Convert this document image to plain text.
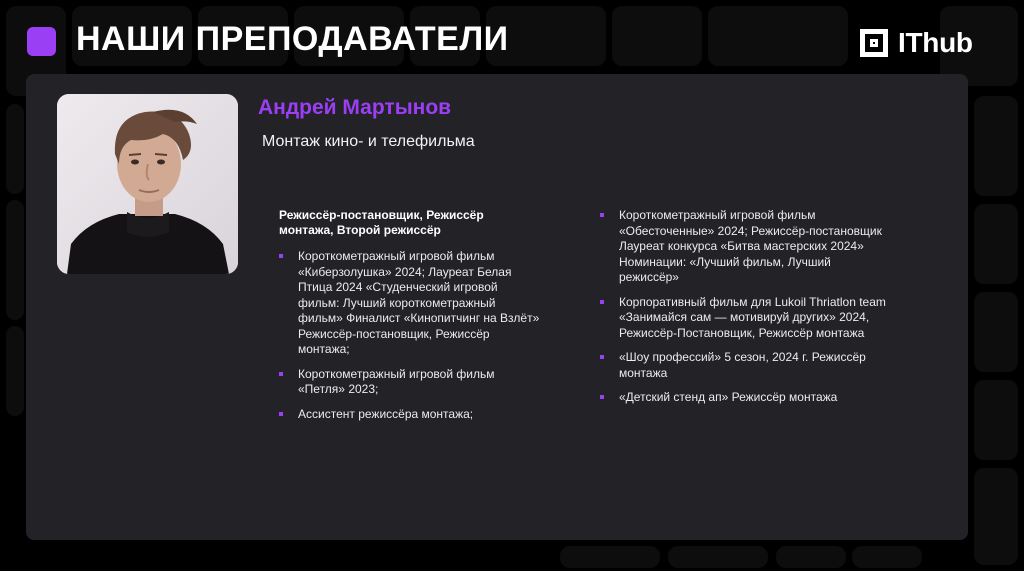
НАШИ ПРЕПОДАВАТЕЛИ	IThub
Андрей Мартынов
Монтаж кино- и телефильма
Режиссёр-постановщик, Режиссёр монтажа, Второй режиссёр
Короткометражный игровой фильм «Киберзолушка» 2024; Лауреат Белая Птица 2024 «Студенческий игровой фильм: Лучший короткометражный фильм» Финалист «Кинопитчинг на Взлёт» Режиссёр-постановщик, Режиссёр монтажа;
Короткометражный игровой фильм «Петля» 2023;
Ассистент режиссёра монтажа;
Короткометражный игровой фильм «Обесточенные» 2024; Режиссёр-постановщик Лауреат конкурса «Битва мастерских 2024» Номинации: «Лучший фильм, Лучший режиссёр»
Корпоративный фильм для Lukoil Thriatlon team «Занимайся сам — мотивируй других» 2024, Режиссёр-Постановщик, Режиссёр монтажа
«Шоу профессий» 5 сезон, 2024 г. Режиссёр монтажа
«Детский стенд ап» Режиссёр монтажа
